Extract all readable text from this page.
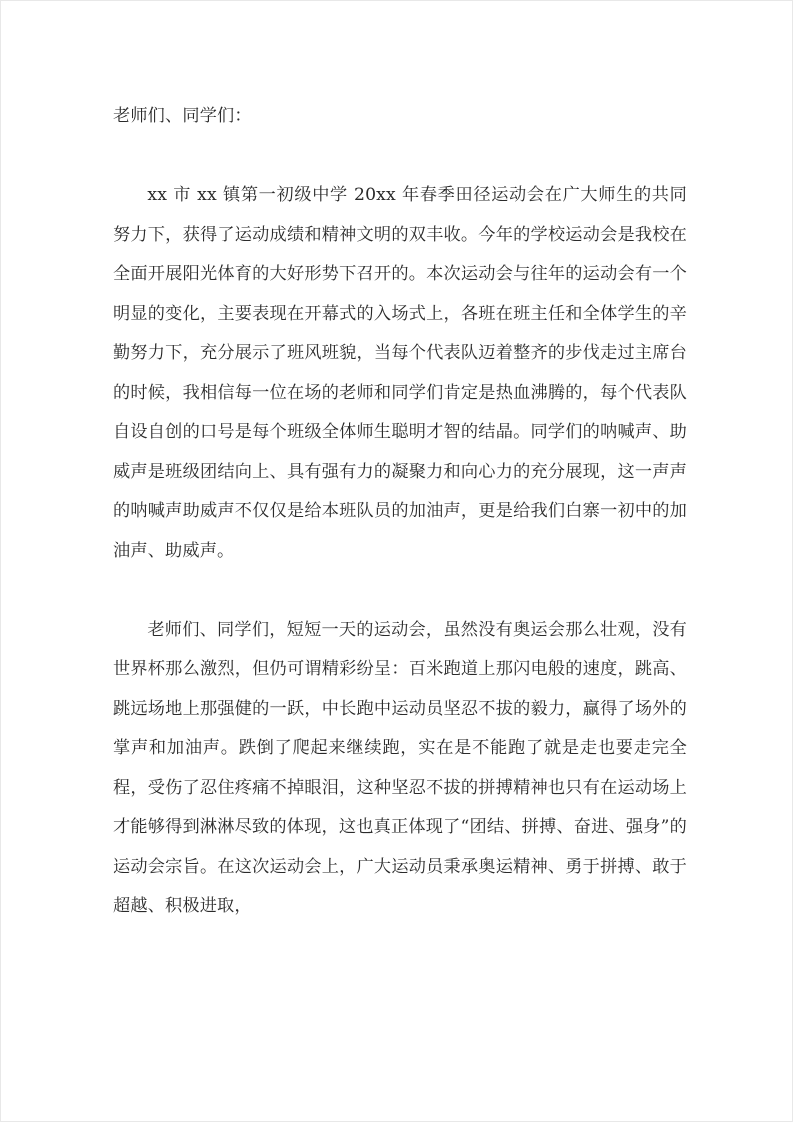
老师们、同学们：

xx 市 xx 镇第一初级中学 20xx 年春季田径运动会在广大师生的共同努力下，获得了运动成绩和精神文明的双丰收。今年的学校运动会是我校在全面开展阳光体育的大好形势下召开的。本次运动会与往年的运动会有一个明显的变化，主要表现在开幕式的入场式上，各班在班主任和全体学生的辛勤努力下，充分展示了班风班貌，当每个代表队迈着整齐的步伐走过主席台的时候，我相信每一位在场的老师和同学们肯定是热血沸腾的，每个代表队自设自创的口号是每个班级全体师生聪明才智的结晶。同学们的呐喊声、助威声是班级团结向上、具有强有力的凝聚力和向心力的充分展现，这一声声的呐喊声助威声不仅仅是给本班队员的加油声，更是给我们白寨一初中的加油声、助威声。

老师们、同学们，短短一天的运动会，虽然没有奥运会那么壮观，没有世界杯那么激烈，但仍可谓精彩纷呈：百米跑道上那闪电般的速度，跳高、跳远场地上那强健的一跃，中长跑中运动员坚忍不拔的毅力，赢得了场外的掌声和加油声。跌倒了爬起来继续跑，实在是不能跑了就是走也要走完全程，受伤了忍住疼痛不掉眼泪，这种坚忍不拔的拼搏精神也只有在运动场上才能够得到淋淋尽致的体现，这也真正体现了“团结、拼搏、奋进、强身”的运动会宗旨。在这次运动会上，广大运动员秉承奥运精神、勇于拼搏、敢于超越、积极进取，
